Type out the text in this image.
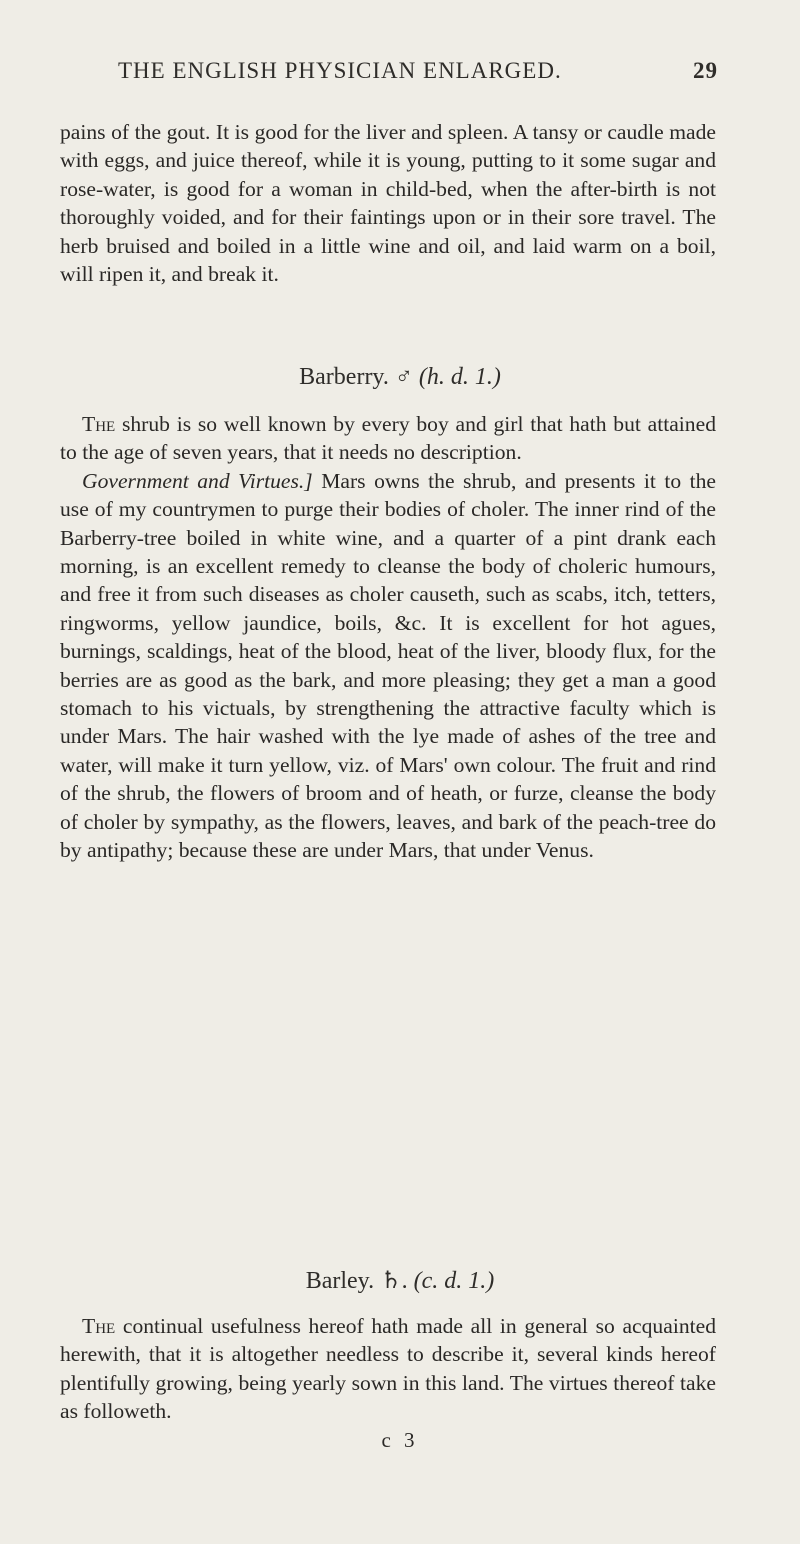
THE ENGLISH PHYSICIAN ENLARGED.	29

pains of the gout. It is good for the liver and spleen. A tansy or caudle made with eggs, and juice thereof, while it is young, putting to it some sugar and rose-water, is good for a woman in child-bed, when the after-birth is not thoroughly voided, and for their faintings upon or in their sore travel. The herb bruised and boiled in a little wine and oil, and laid warm on a boil, will ripen it, and break it.

Barberry. ♂ (h. d. 1.)

The shrub is so well known by every boy and girl that hath but attained to the age of seven years, that it needs no description.

Government and Virtues.] Mars owns the shrub, and presents it to the use of my countrymen to purge their bodies of choler. The inner rind of the Barberry-tree boiled in white wine, and a quarter of a pint drank each morning, is an excellent remedy to cleanse the body of choleric humours, and free it from such diseases as choler causeth, such as scabs, itch, tetters, ringworms, yellow jaundice, boils, &c. It is excellent for hot agues, burnings, scaldings, heat of the blood, heat of the liver, bloody flux, for the berries are as good as the bark, and more pleasing; they get a man a good stomach to his victuals, by strengthening the attractive faculty which is under Mars. The hair washed with the lye made of ashes of the tree and water, will make it turn yellow, viz. of Mars' own colour. The fruit and rind of the shrub, the flowers of broom and of heath, or furze, cleanse the body of choler by sympathy, as the flowers, leaves, and bark of the peach-tree do by antipathy; because these are under Mars, that under Venus.

Barley. ♄. (c. d. 1.)

The continual usefulness hereof hath made all in general so acquainted herewith, that it is altogether needless to describe it, several kinds hereof plentifully growing, being yearly sown in this land. The virtues thereof take as followeth.

c 3
